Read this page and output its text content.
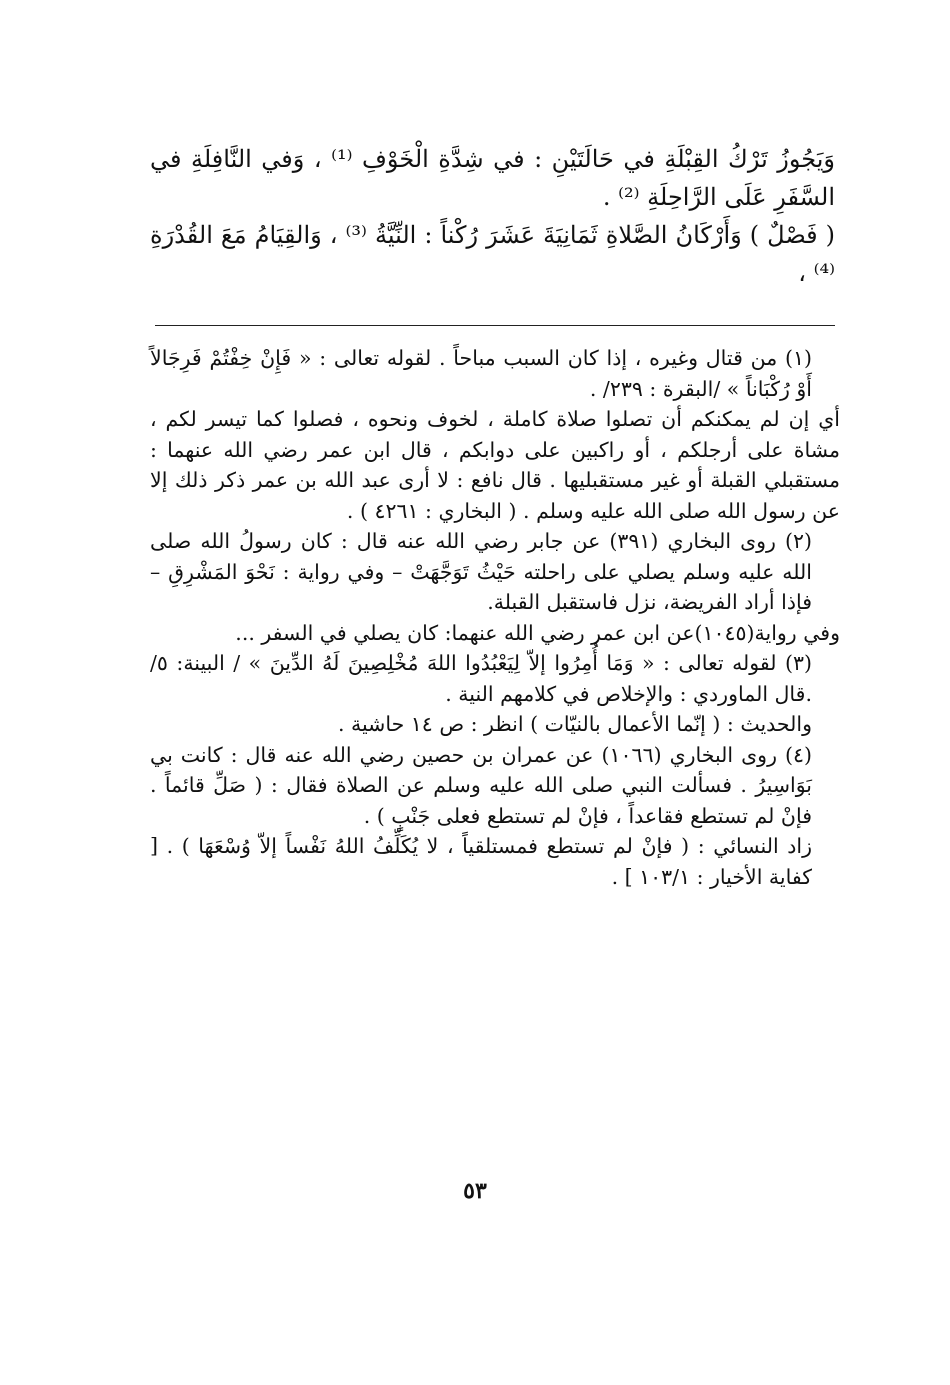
وَيَجُوزُ تَرْكُ القِبْلَةِ في حَالَتَيْنِ : في شِدَّةِ الْخَوْفِ ⁽¹⁾ ، وَفي النَّافِلَةِ في السَّفَرِ عَلَى الرَّاحِلَةِ ⁽²⁾ .

( فَصْلٌ ) وَأَرْكَانُ الصَّلاةِ ثَمَانِيَةَ عَشَرَ رُكْناً : النِّيَّةُ ⁽³⁾ ، وَالقِيَامُ مَعَ القُدْرَةِ ⁽⁴⁾ ،

(١) من قتال وغيره ، إذا كان السبب مباحاً . لقوله تعالى : « فَإِنْ خِفْتُمْ فَرِجَالاً أَوْ رُكْبَاناً » /البقرة : ٢٣٩/ .

أي إن لم يمكنكم أن تصلوا صلاة كاملة ، لخوف ونحوه ، فصلوا كما تيسر لكم ، مشاة على أرجلكم ، أو راكبين على دوابكم ، قال ابن عمر رضي الله عنهما : مستقبلي القبلة أو غير مستقبليها . قال نافع : لا أرى عبد الله بن عمر ذكر ذلك إلا عن رسول الله صلى الله عليه وسلم . ( البخاري : ٤٢٦١ ) .

(٢) روى البخاري (٣٩١) عن جابر رضي الله عنه قال : كان رسولُ الله صلى الله عليه وسلم يصلي على راحلته حَيْثُ تَوَجَّهَتْ – وفي رواية : نَحْوَ المَشْرِقِ – فإذا أراد الفريضة، نزل فاستقبل القبلة.

وفي رواية(١٠٤٥)عن ابن عمر رضي الله عنهما: كان يصلي في السفر ...

(٣) لقوله تعالى : « وَمَا أُمِرُوا إلاّ لِيَعْبُدُوا اللهَ مُخْلِصِينَ لَهُ الدِّينَ » / البينة: ٥/ .قال الماوردي : والإخلاص في كلامهم النية .

والحديث : ( إنّما الأعمال بالنيّات ) انظر : ص ١٤ حاشية .

(٤) روى البخاري (١٠٦٦) عن عمران بن حصين رضي الله عنه قال : كانت بي بَوَاسِيرُ . فسألت النبي صلى الله عليه وسلم عن الصلاة فقال : ( صَلِّ قائماً . فإنْ لم تستطع فقاعداً ، فإنْ لم تستطع فعلى جَنْبٍ ) .

زاد النسائي : ( فإنْ لم تستطع فمستلقياً ، لا يُكَلِّفُ اللهُ نَفْساً إلاّ وُسْعَهَا ) . [ كفاية الأخيار : ١٠٣/١ ] .

٥٣
